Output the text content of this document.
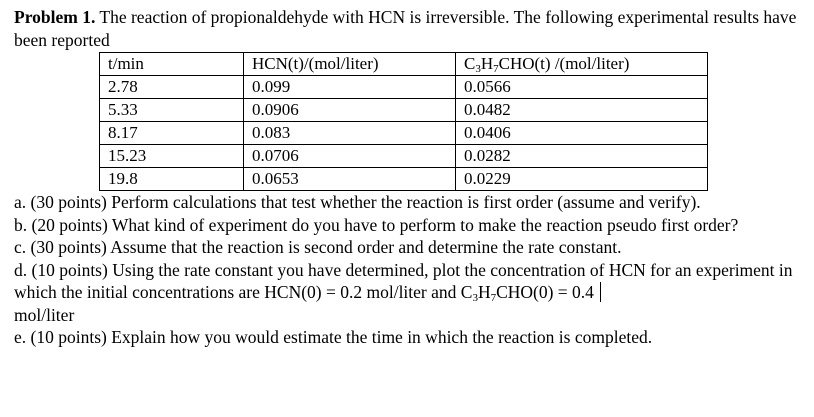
Problem 1. The reaction of propionaldehyde with HCN is irreversible. The following experimental results have been reported

t/min	HCN(t)/(mol/liter)	$C_3H_7CHO(t)$ /(mol/liter)
2.78	0.099	0.0566
5.33	0.0906	0.0482
8.17	0.083	0.0406
15.23	0.0706	0.0282
19.8	0.0653	0.0229

a. (30 points) Perform calculations that test whether the reaction is first order (assume and verify).

b. (20 points) What kind of experiment do you have to perform to make the reaction pseudo first order?

c. (30 points) Assume that the reaction is second order and determine the rate constant.

d. (10 points) Using the rate constant you have determined, plot the concentration of HCN for an experiment in which the initial concentrations are HCN(0) = 0.2 mol/liter and $C_3H_7CHO(0) = 0.4$
mol/liter

e. (10 points) Explain how you would estimate the time in which the reaction is completed.
